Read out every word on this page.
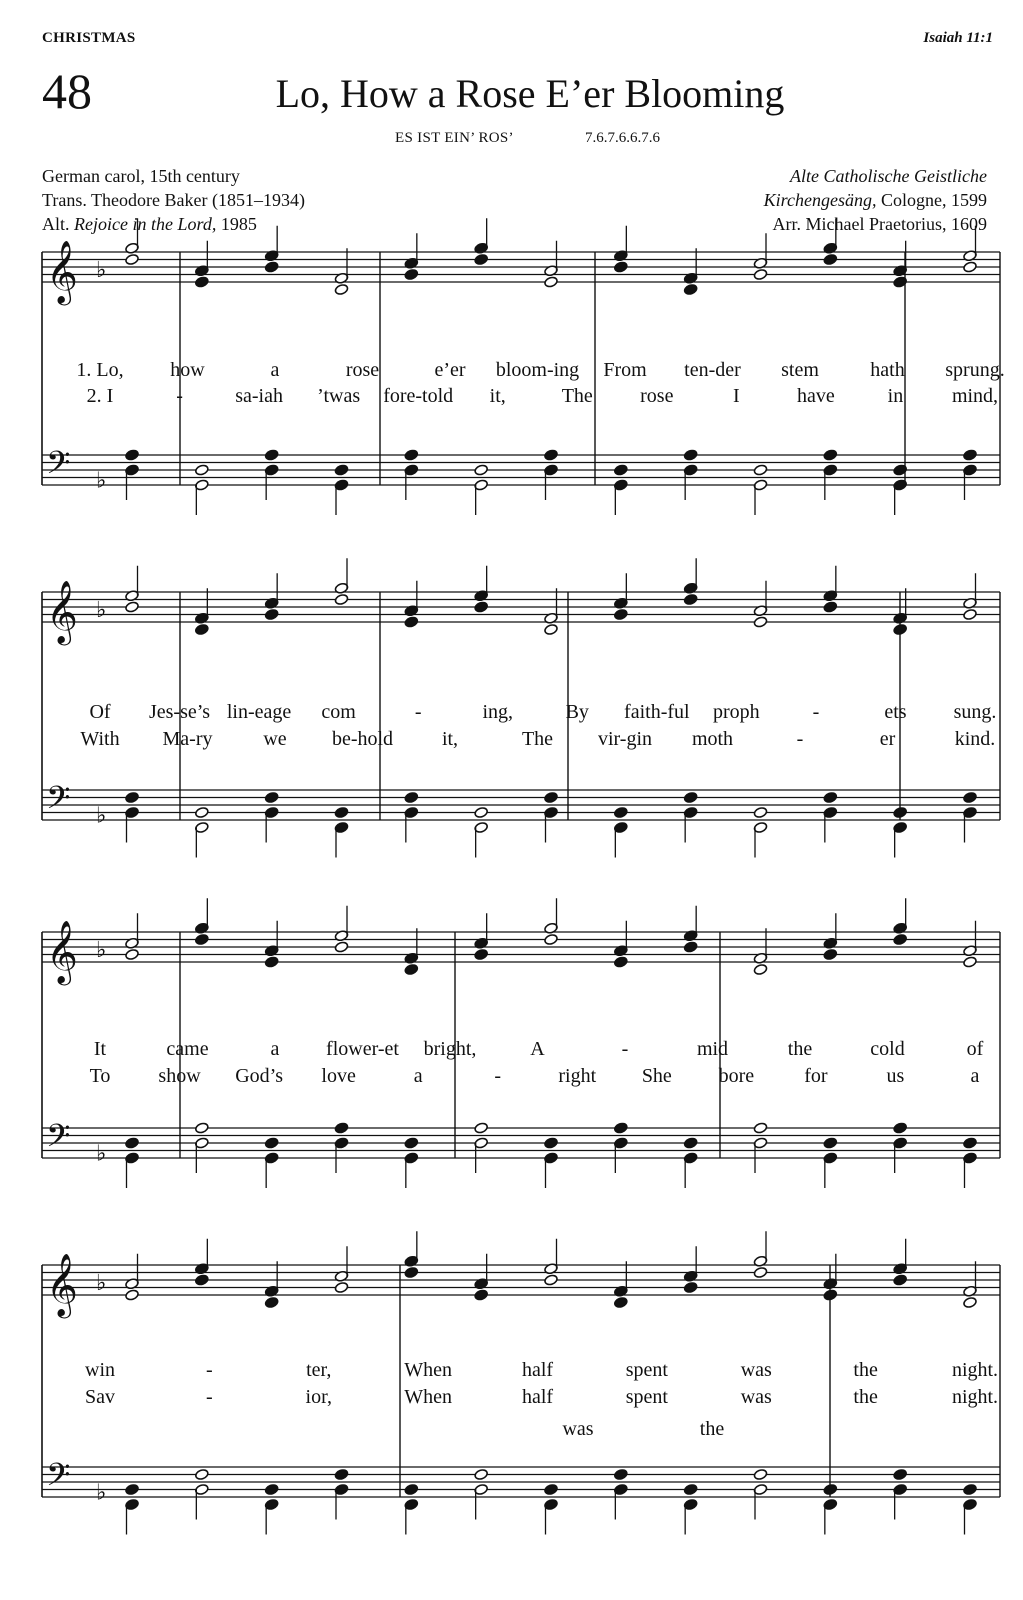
CHRISTMAS	Isaiah 11:1
48	Lo, How a Rose E’er Blooming
ES IST EIN’ ROS’	7.6.7.6.6.7.6
German carol, 15th century
Trans. Theodore Baker (1851–1934)
Alt. Rejoice in the Lord, 1985
Alte Catholische Geistliche
Kirchengesäng, Cologne, 1599
Arr. Michael Praetorius, 1609
𝄞
𝄢
♭
♭
1. Lo, how	a	rose	e’er bloom-ing From ten-der stem	hath sprung.
2. I	-	sa-iah ’twas fore-told it,	The rose	I	have	in mind,
𝄞
𝄢
♭
♭
Of Jes-se’s lin-eage com	-	ing,	By faith-ful proph	-	ets sung.
With Ma-ry	we be-hold it,	The vir-gin moth	-	er	kind.
𝄞
𝄢
♭
♭
It	came	a flower-et bright,	A	-	mid	the	cold	of
To show God’s love	a	-	right She bore	for	us	a
𝄞
𝄢
♭
♭
win	-	ter,	When	half	spent	was	the	night.
Sav	-	ior,	When	half	spent	was	the	night.
was	the
